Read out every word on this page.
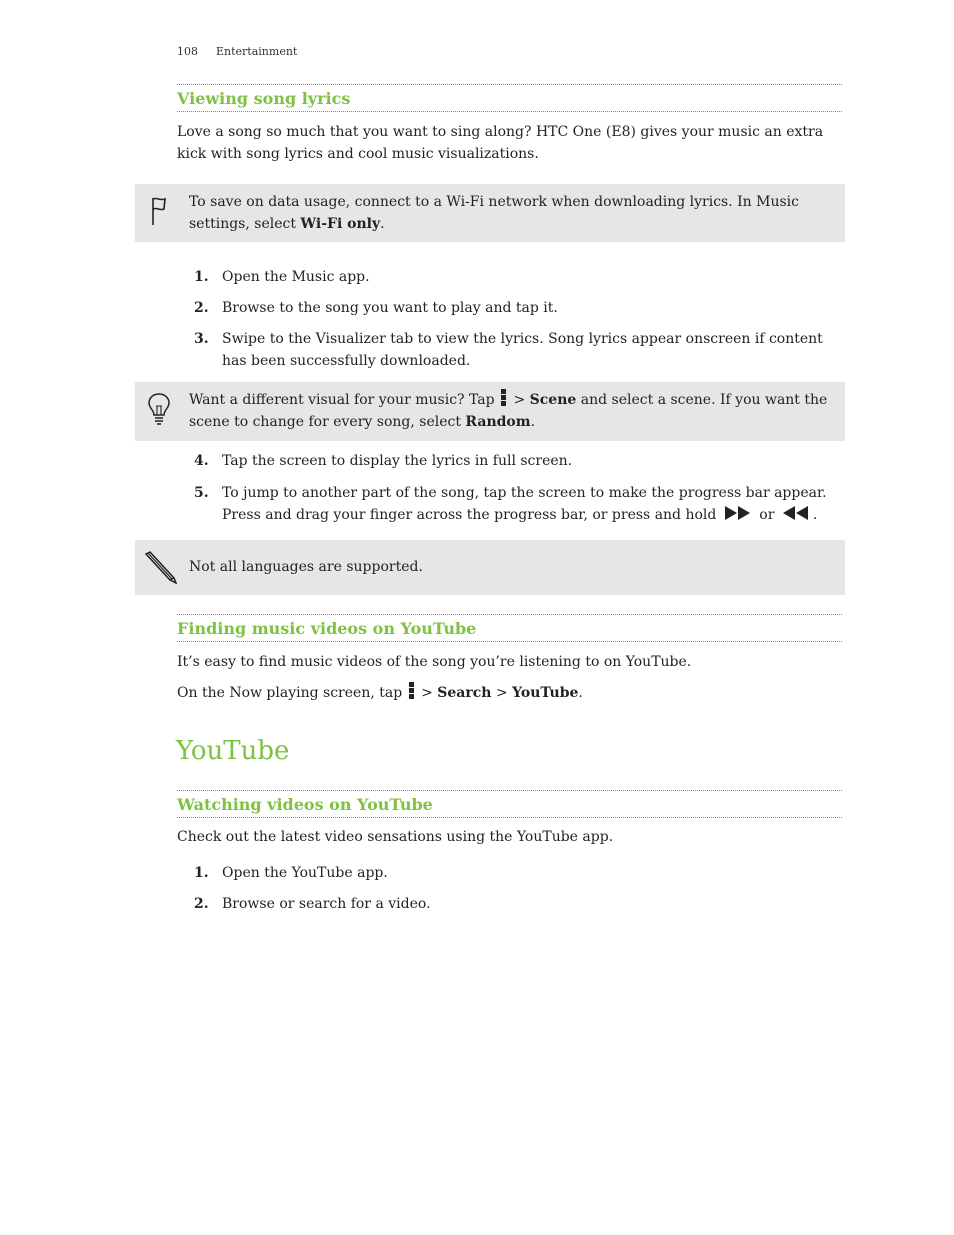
108 Entertainment
Viewing song lyrics
Love a song so much that you want to sing along? HTC One (E8) gives your music an extra kick with song lyrics and cool music visualizations.
To save on data usage, connect to a Wi-Fi network when downloading lyrics. In Music settings, select Wi-Fi only.
1. Open the Music app.
2. Browse to the song you want to play and tap it.
3. Swipe to the Visualizer tab to view the lyrics. Song lyrics appear onscreen if content has been successfully downloaded.
Want a different visual for your music? Tap
> Scene and select a scene. If you want the scene to change for every song, select Random.
4. Tap the screen to display the lyrics in full screen.
5. To jump to another part of the song, tap the screen to make the progress bar appear. Press and drag your finger across the progress bar, or press and hold  or .
Not all languages are supported.
Finding music videos on YouTube
It’s easy to find music videos of the song you’re listening to on YouTube.
On the Now playing screen, tap
> Search > YouTube.
YouTube
Watching videos on YouTube
Check out the latest video sensations using the YouTube app.
1. Open the YouTube app.
2. Browse or search for a video.
